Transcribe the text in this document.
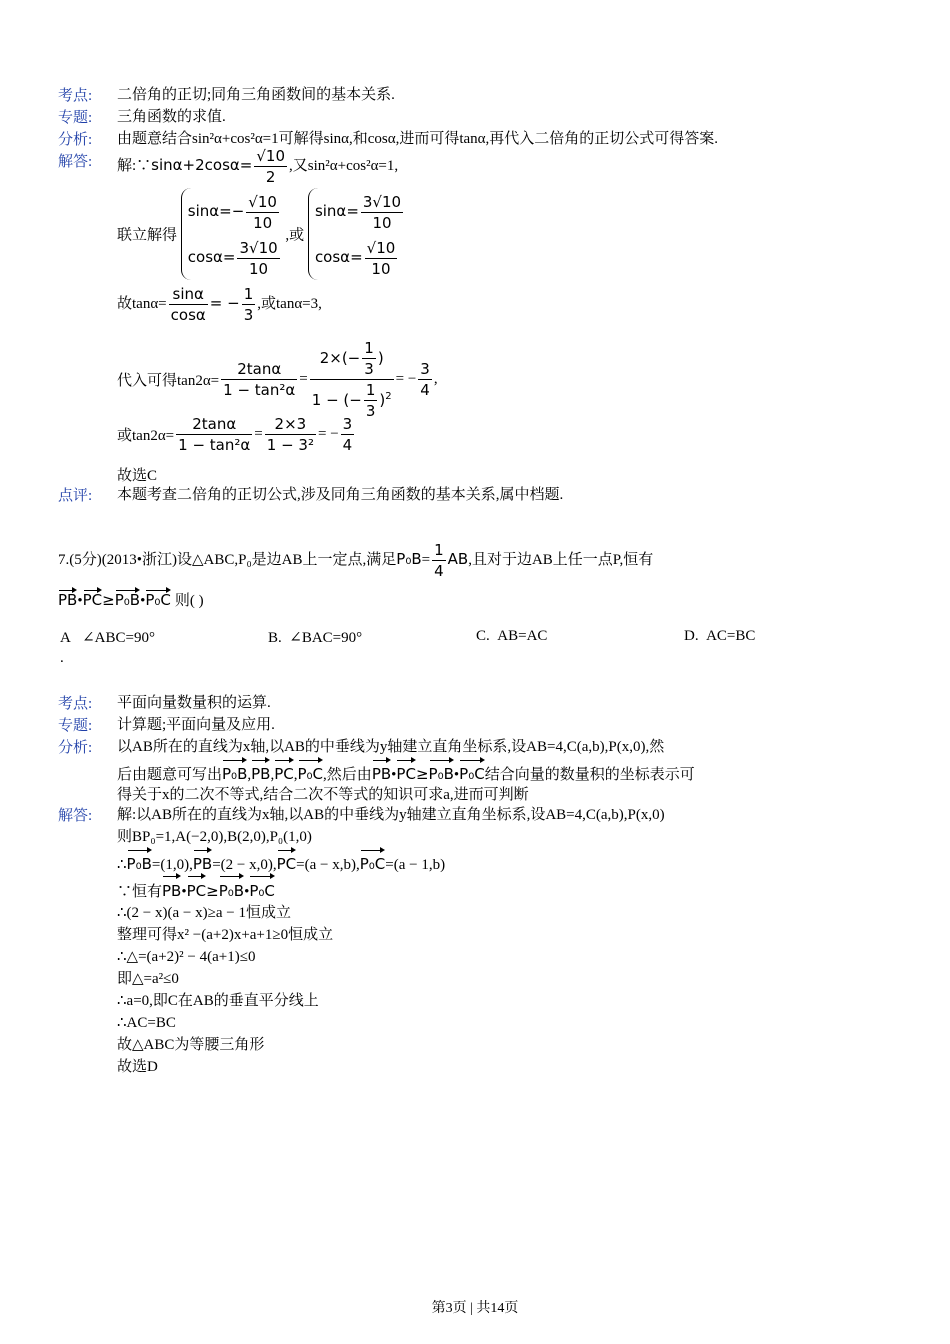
考点:	二倍角的正切;同角三角函数间的基本关系.
专题:	三角函数的求值.
分析:	由题意结合sin²α+cos²α=1可解得sinα,和cosα,进而可得tanα,再代入二倍角的正切公式可得答案.
解答:	解:∵sinα+2cosα= $\frac{√10}{2}$ ,又sin²α+cos²α=1,
联立解得
$\sin\alpha=- \frac{√10}{10}$
$\cos\alpha= \frac{3√10}{10}$
,或
$\sin\alpha= \frac{3√10}{10}$
$\cos\alpha= \frac{√10}{10}$
故$\tan\alpha= \frac{\sin\alpha}{\cos\alpha}$ = − $\frac{1}{3}$ ,或tanα=3,
代入可得$\tan 2\alpha= \frac{2\tan\alpha}{\text{1 − tan²α}} = \frac{2\times(- \frac{1}{3} )}{1 - (- \frac{1}{3} )^2}$ = − $\frac{3}{4}$ ,
或$\tan 2\alpha= \frac{2\tan\alpha}{\text{1 − tan²α}} = \frac{2\times 3}{\text{1 − 3²}}$ = − $\frac{3}{4}$
故选C
点评:	本题考查二倍角的正切公式,涉及同角三角函数的基本关系,属中档题.
7.(5分)(2013•浙江)设△ABC,P₀是边AB上一定点,满足$P_0B= \frac{1}{4}$ AB,且对于边AB上任一点P,恒有
PB•PC≥P₀B•P₀C 则( )
A ∠ABC=90°	B. ∠BAC=90°	C. AB=AC	D. AC=BC
.
考点:	平面向量数量积的运算.
专题:	计算题;平面向量及应用.
分析:	以AB所在的直线为x轴,以AB的中垂线为y轴建立直角坐标系,设AB=4,C(a,b),P(x,0),然
后由题意可写出P₀B,PB,PC,P₀C,然后由PB•PC≥P₀B•P₀C结合向量的数量积的坐标表示可
得关于x的二次不等式,结合二次不等式的知识可求a,进而可判断
解答:	解:以AB所在的直线为x轴,以AB的中垂线为y轴建立直角坐标系,设AB=4,C(a,b),P(x,0)
则BP₀=1,A(−2,0),B(2,0),P₀(1,0)
∴P₀B=(1,0),PB=(2 − x,0),PC=(a − x,b),P₀C=(a − 1,b)
∵恒有PB•PC≥P₀B•P₀C
∴(2 − x)(a − x)≥a − 1恒成立
整理可得x² −(a+2)x+a+1≥0恒成立
∴△=(a+2)² − 4(a+1)≤0
即△=a²≤0
∴a=0,即C在AB的垂直平分线上
∴AC=BC
故△ABC为等腰三角形
故选D
第3页 | 共14页
